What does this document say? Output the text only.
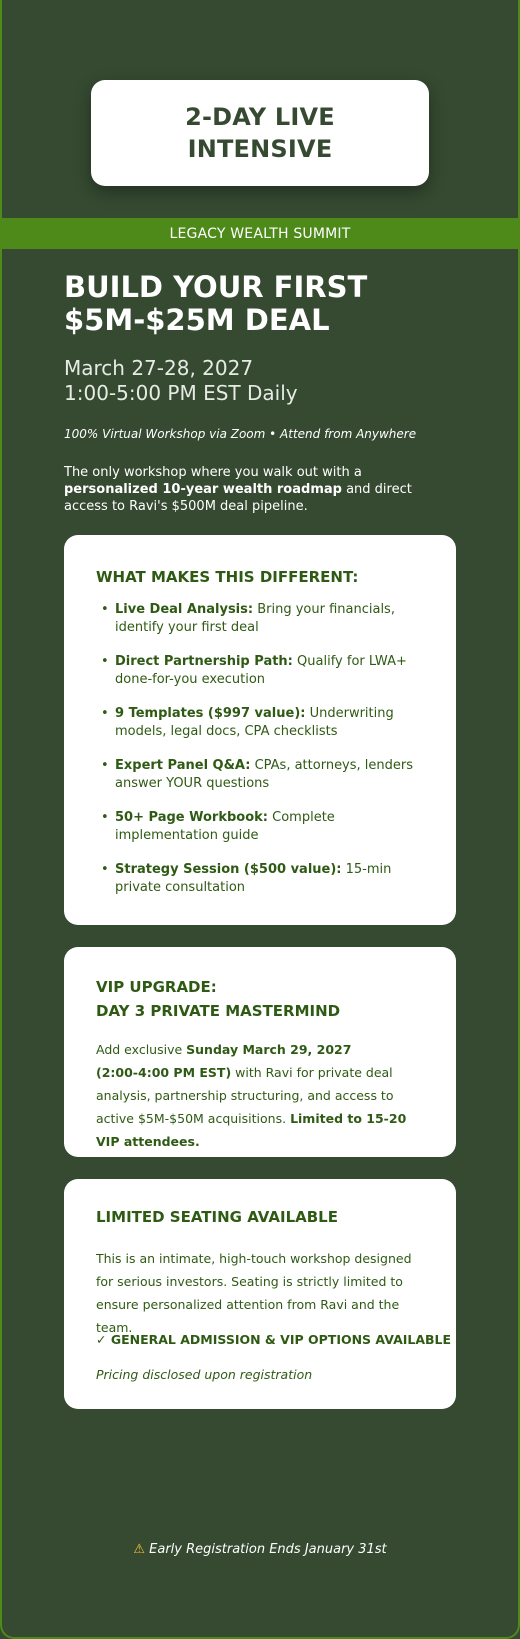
2-DAY LIVE
INTENSIVE
LEGACY WEALTH SUMMIT
BUILD YOUR FIRST
$5M-$25M DEAL
March 27-28, 2027
1:00-5:00 PM EST Daily
100% Virtual Workshop via Zoom • Attend from Anywhere
The only workshop where you walk out with a personalized 10-year wealth roadmap and direct access to Ravi's $500M deal pipeline.
WHAT MAKES THIS DIFFERENT:
• Live Deal Analysis: Bring your financials, identify your first deal
• Direct Partnership Path: Qualify for LWA+ done-for-you execution
• 9 Templates ($997 value): Underwriting models, legal docs, CPA checklists
• Expert Panel Q&A: CPAs, attorneys, lenders answer YOUR questions
• 50+ Page Workbook: Complete implementation guide
• Strategy Session ($500 value): 15-min private consultation
VIP UPGRADE:
DAY 3 PRIVATE MASTERMIND
Add exclusive Sunday March 29, 2027
(2:00-4:00 PM EST) with Ravi for private deal analysis, partnership structuring, and access to active $5M-$50M acquisitions. Limited to 15-20 VIP attendees.
LIMITED SEATING AVAILABLE
This is an intimate, high-touch workshop designed for serious investors. Seating is strictly limited to ensure personalized attention from Ravi and the team.
✓ GENERAL ADMISSION & VIP OPTIONS AVAILABLE
Pricing disclosed upon registration
⚠ Early Registration Ends January 31st
